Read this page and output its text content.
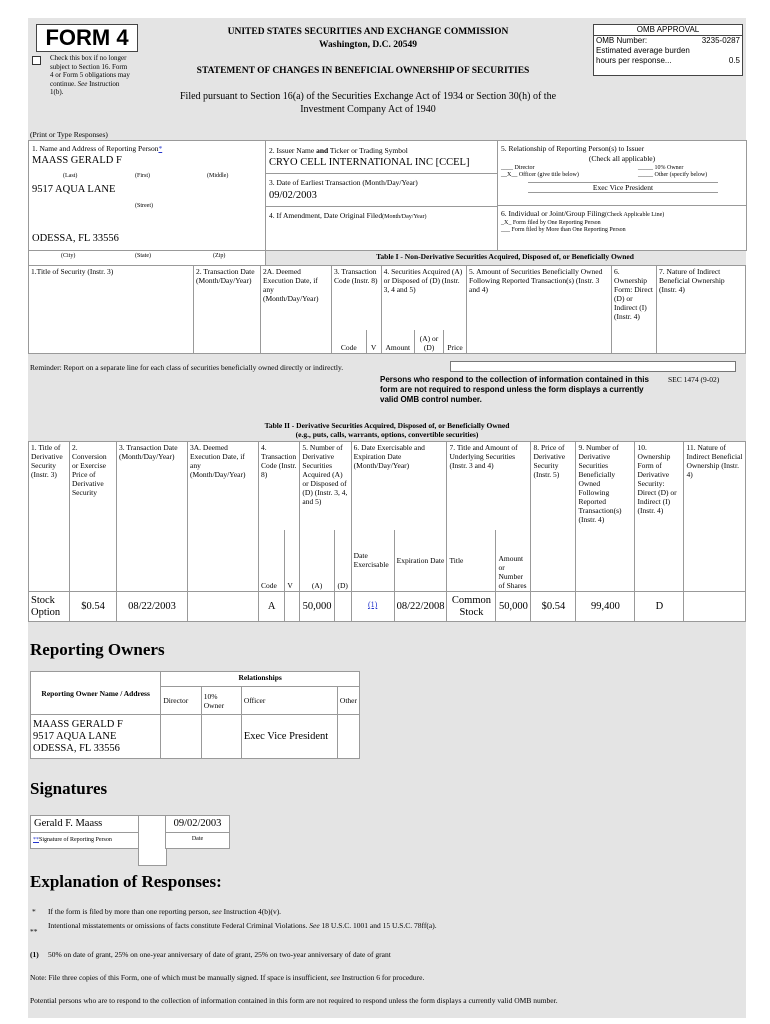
FORM 4
Check this box if no longer subject to Section 16. Form 4 or Form 5 obligations may continue. See Instruction 1(b).
UNITED STATES SECURITIES AND EXCHANGE COMMISSION
Washington, D.C. 20549
STATEMENT OF CHANGES IN BENEFICIAL OWNERSHIP OF SECURITIES
Filed pursuant to Section 16(a) of the Securities Exchange Act of 1934 or Section 30(h) of the
Investment Company Act of 1940
OMB APPROVAL
OMB Number:	3235-0287
Estimated average burden hours per response...	0.5
(Print or Type Responses)
1. Name and Address of Reporting Person*
MAASS GERALD F
(Last)	(First)	(Middle)
9517 AQUA LANE
(Street)
ODESSA, FL 33556
(City)	(State)	(Zip)
2. Issuer Name and Ticker or Trading Symbol
CRYO CELL INTERNATIONAL INC [CCEL]
3. Date of Earliest Transaction (Month/Day/Year)
09/02/2003
4. If Amendment, Date Original Filed(Month/Day/Year)
5. Relationship of Reporting Person(s) to Issuer
(Check all applicable)
____ Director	_____ 10% Owner
__X__ Officer (give title below)	_____ Other (specify below)
Exec Vice President
6. Individual or Joint/Group Filing(Check Applicable Line)
_X_ Form filed by One Reporting Person
___ Form filed by More than One Reporting Person
Table I - Non-Derivative Securities Acquired, Disposed of, or Beneficially Owned
1.Title of Security (Instr. 3)	2. Transaction Date (Month/Day/Year)	2A. Deemed Execution Date, if any (Month/Day/Year)	3. Transaction Code (Instr. 8)		4. Securities Acquired (A) or Disposed of (D) (Instr. 3, 4 and 5)			5. Amount of Securities Beneficially Owned Following Reported Transaction(s) (Instr. 3 and 4)	6. Ownership Form: Direct (D) or Indirect (I) (Instr. 4)	7. Nature of Indirect Beneficial Ownership (Instr. 4)
			Code	V	Amount	(A) or (D)	Price			
Reminder: Report on a separate line for each class of securities beneficially owned directly or indirectly.
Persons who respond to the collection of information contained in this form are not required to respond unless the form displays a currently valid OMB control number.
SEC 1474 (9-02)
Table II - Derivative Securities Acquired, Disposed of, or Beneficially Owned
(e.g., puts, calls, warrants, options, convertible securities)
1. Title of Derivative Security (Instr. 3)	2. Conversion or Exercise Price of Derivative Security	3. Transaction Date (Month/Day/Year)	3A. Deemed Execution Date, if any (Month/Day/Year)	4. Transaction Code (Instr. 8)		5. Number of Derivative Securities Acquired (A) or Disposed of (D) (Instr. 3, 4, and 5)		6. Date Exercisable and Expiration Date (Month/Day/Year)		7. Title and Amount of Underlying Securities (Instr. 3 and 4)		8. Price of Derivative Security (Instr. 5)	9. Number of Derivative Securities Beneficially Owned Following Reported Transaction(s) (Instr. 4)	10. Ownership Form of Derivative Security: Direct (D) or Indirect (I) (Instr. 4)	11. Nature of Indirect Beneficial Ownership (Instr. 4)
				Code	V	(A)	(D)	Date Exercisable	Expiration Date	Title	Amount or Number of Shares				
Stock Option	$0.54	08/22/2003		A		50,000		(1)	08/22/2008	Common Stock	50,000	$0.54	99,400	D	
Reporting Owners
Reporting Owner Name / Address	Relationships			
	Director	10% Owner	Officer	Other

MAASS GERALD F
9517 AQUA LANE
ODESSA, FL 33556			Exec Vice President	
Signatures
Gerald F. Maass
**Signature of Reporting Person
09/02/2003
Date
Explanation of Responses:
* If the form is filed by more than one reporting person, see Instruction 4(b)(v).
**
Intentional misstatements or omissions of facts constitute Federal Criminal Violations. See 18 U.S.C. 1001 and 15 U.S.C. 78ff(a).
(1) 50% on date of grant, 25% on one-year anniversary of date of grant, 25% on two-year anniversary of date of grant
Note: File three copies of this Form, one of which must be manually signed. If space is insufficient, see Instruction 6 for procedure.
Potential persons who are to respond to the collection of information contained in this form are not required to respond unless the form displays a currently valid OMB number.
